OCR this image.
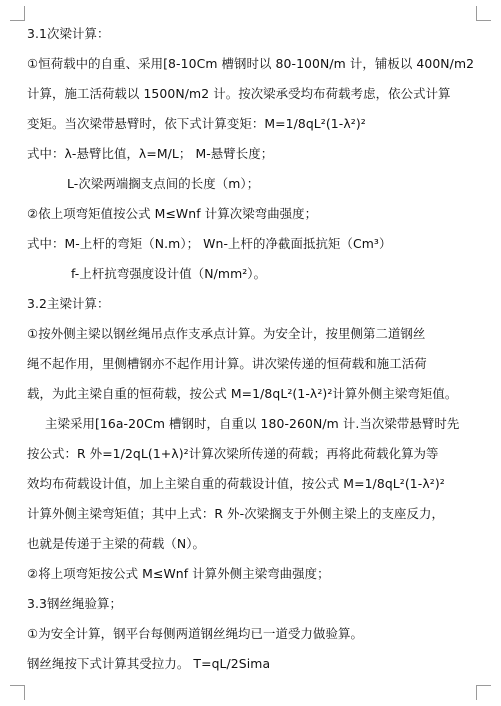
3.1次梁计算：
①恒荷载中的自重、采用[8-10Cm 槽钢时以 80-100N/m 计，铺板以 400N/m2
计算，施工活荷载以 1500N/m2 计。按次梁承受均布荷载考虑，依公式计算
变矩。当次梁带悬臂时，依下式计算变矩：M=1/8qL²(1-λ²)²
式中：λ-悬臂比值，λ=M/L； M-悬臂长度；
L-次梁两端搁支点间的长度（m）；
②依上项弯矩值按公式 M≤Wnf 计算次梁弯曲强度；
式中：M-上杆的弯矩（N.m）； Wn-上杆的净截面抵抗矩（Cm³）
f-上杆抗弯强度设计值（N/mm²）。
3.2主梁计算：
①按外侧主梁以钢丝绳吊点作支承点计算。为安全计，按里侧第二道钢丝
绳不起作用，里侧槽钢亦不起作用计算。讲次梁传递的恒荷载和施工活荷
载，为此主梁自重的恒荷载，按公式 M=1/8qL²(1-λ²)²计算外侧主梁弯矩值。
主梁采用[16a-20Cm 槽钢时，自重以 180-260N/m 计.当次梁带悬臂时先
按公式：R 外=1/2qL(1+λ)²计算次梁所传递的荷载；再将此荷载化算为等
效均布荷载设计值，加上主梁自重的荷载设计值，按公式 M=1/8qL²(1-λ²)²
计算外侧主梁弯矩值；其中上式：R 外-次梁搁支于外侧主梁上的支座反力，
也就是传递于主梁的荷载（N）。
②将上项弯矩按公式 M≤Wnf 计算外侧主梁弯曲强度；
3.3钢丝绳验算；
①为安全计算，钢平台每侧两道钢丝绳均已一道受力做验算。
钢丝绳按下式计算其受拉力。 T=qL/2Sima
